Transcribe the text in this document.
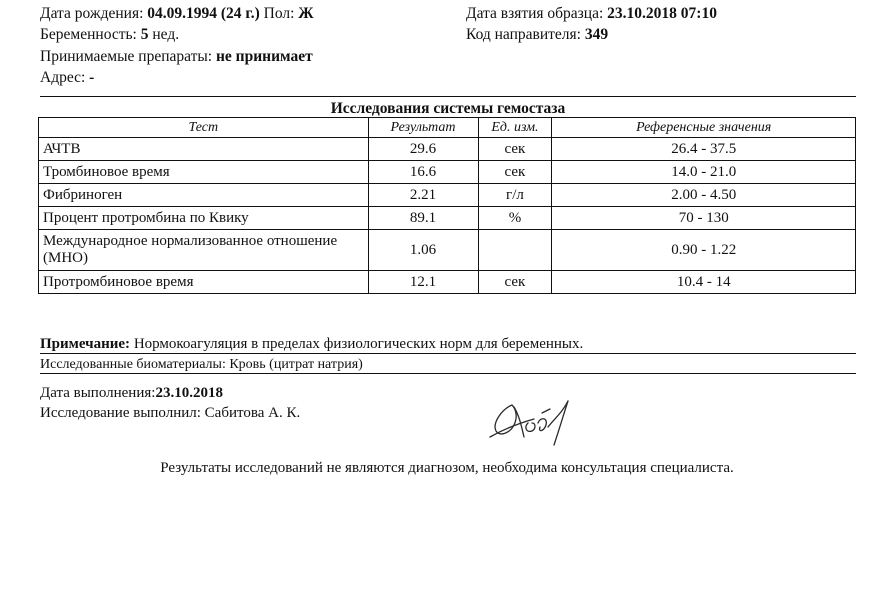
Дата рождения: 04.09.1994 (24 г.) Пол: Ж
Беременность: 5 нед.
Принимаемые препараты: не принимает
Адрес: -
Дата взятия образца: 23.10.2018 07:10
Код направителя: 349
Исследования системы гемостаза
Тест	Результат	Ед. изм.	Референсные значения
АЧТВ	29.6	сек	26.4 - 37.5
Тромбиновое время	16.6	сек	14.0 - 21.0
Фибриноген	2.21	г/л	2.00 - 4.50
Процент протромбина по Квику	89.1	%	70 - 130
Международное нормализованное отношение (МНО)	1.06		0.90 - 1.22
Протромбиновое время	12.1	сек	10.4 - 14
Примечание: Нормокоагуляция в пределах физиологических норм для беременных.
Исследованные биоматериалы: Кровь (цитрат натрия)
Дата выполнения:23.10.2018
Исследование выполнил: Сабитова А. К.
Результаты исследований не являются диагнозом, необходима консультация специалиста.
